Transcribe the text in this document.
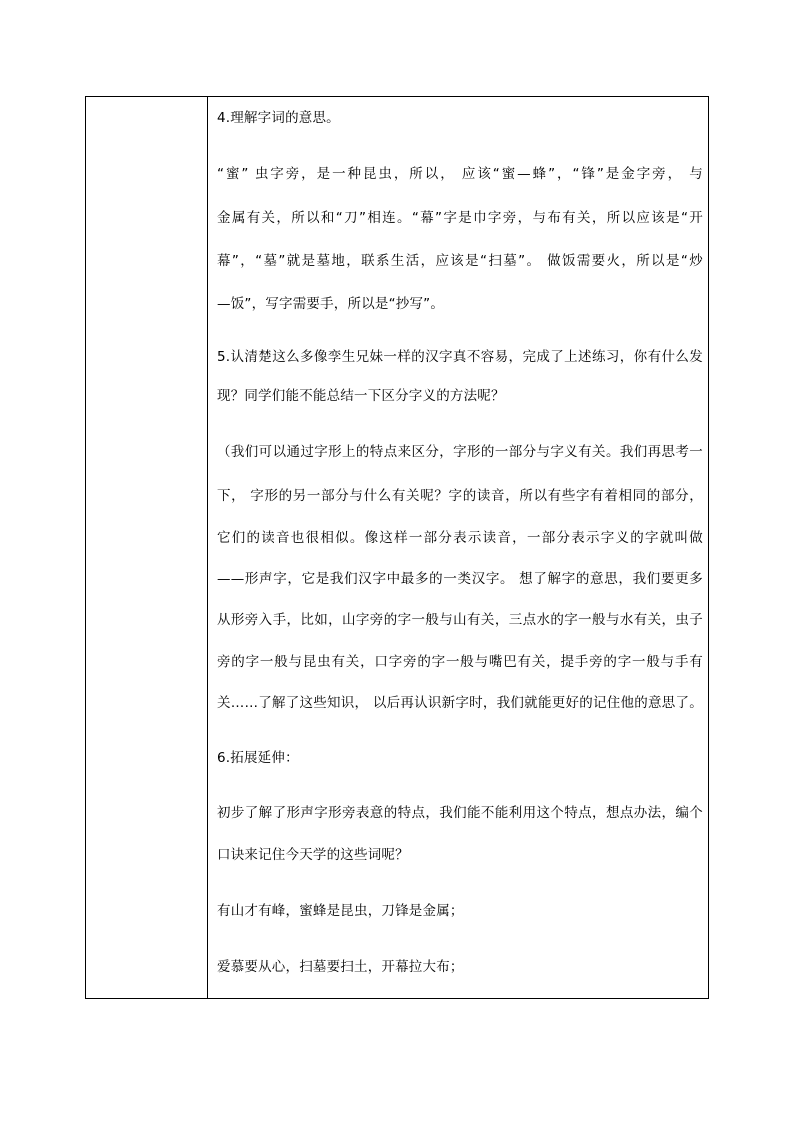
4.理解字词的意思。
“蜜” 虫字旁，是一种昆虫，所以， 应该“蜜—蜂”，“锋”是金字旁， 与
金属有关，所以和“刀”相连。“幕”字是巾字旁，与布有关，所以应该是“开
幕”，“墓”就是墓地，联系生活，应该是“扫墓”。 做饭需要火，所以是“炒
—饭”，写字需要手，所以是“抄写”。
5.认清楚这么多像孪生兄妹一样的汉字真不容易，完成了上述练习，你有什么发
现？同学们能不能总结一下区分字义的方法呢？
（我们可以通过字形上的特点来区分，字形的一部分与字义有关。我们再思考一
下， 字形的另一部分与什么有关呢？字的读音，所以有些字有着相同的部分，
它们的读音也很相似。像这样一部分表示读音，一部分表示字义的字就叫做
——形声字，它是我们汉字中最多的一类汉字。 想了解字的意思，我们要更多
从形旁入手，比如，山字旁的字一般与山有关，三点水的字一般与水有关，虫子
旁的字一般与昆虫有关，口字旁的字一般与嘴巴有关，提手旁的字一般与手有
关……了解了这些知识， 以后再认识新字时，我们就能更好的记住他的意思了。
6.拓展延伸：
初步了解了形声字形旁表意的特点，我们能不能利用这个特点，想点办法，编个
口诀来记住今天学的这些词呢？
有山才有峰，蜜蜂是昆虫，刀锋是金属；
爱慕要从心，扫墓要扫土，开幕拉大布；
